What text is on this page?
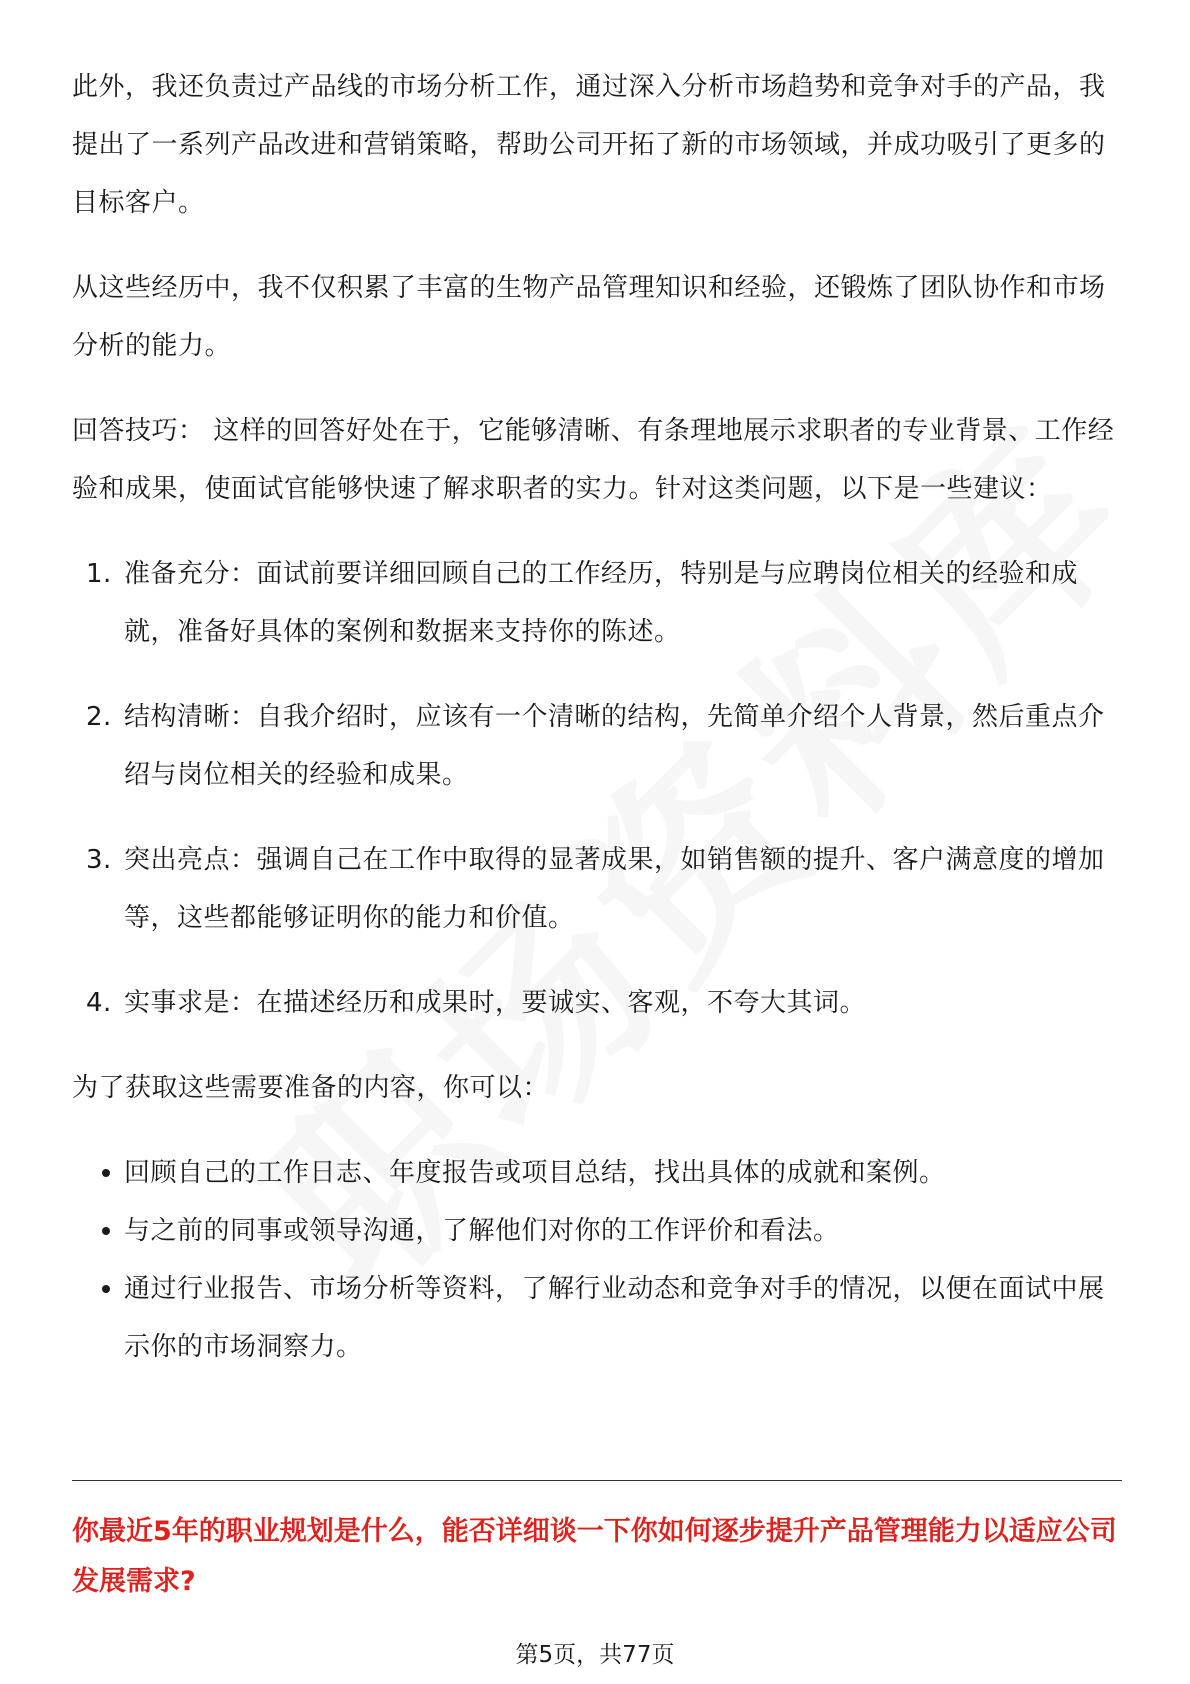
此外，我还负责过产品线的市场分析工作，通过深入分析市场趋势和竞争对手的产品，我提出了一系列产品改进和营销策略，帮助公司开拓了新的市场领域，并成功吸引了更多的目标客户。

从这些经历中，我不仅积累了丰富的生物产品管理知识和经验，还锻炼了团队协作和市场分析的能力。

回答技巧： 这样的回答好处在于，它能够清晰、有条理地展示求职者的专业背景、工作经验和成果，使面试官能够快速了解求职者的实力。针对这类问题，以下是一些建议：

1. 准备充分：面试前要详细回顾自己的工作经历，特别是与应聘岗位相关的经验和成就，准备好具体的案例和数据来支持你的陈述。
2. 结构清晰：自我介绍时，应该有一个清晰的结构，先简单介绍个人背景，然后重点介绍与岗位相关的经验和成果。
3. 突出亮点：强调自己在工作中取得的显著成果，如销售额的提升、客户满意度的增加等，这些都能够证明你的能力和价值。
4. 实事求是：在描述经历和成果时，要诚实、客观，不夸大其词。

为了获取这些需要准备的内容，你可以：

回顾自己的工作日志、年度报告或项目总结，找出具体的成就和案例。
与之前的同事或领导沟通，了解他们对你的工作评价和看法。
通过行业报告、市场分析等资料，了解行业动态和竞争对手的情况，以便在面试中展示你的市场洞察力。

你最近5年的职业规划是什么，能否详细谈一下你如何逐步提升产品管理能力以适应公司发展需求?

第5页，共77页
